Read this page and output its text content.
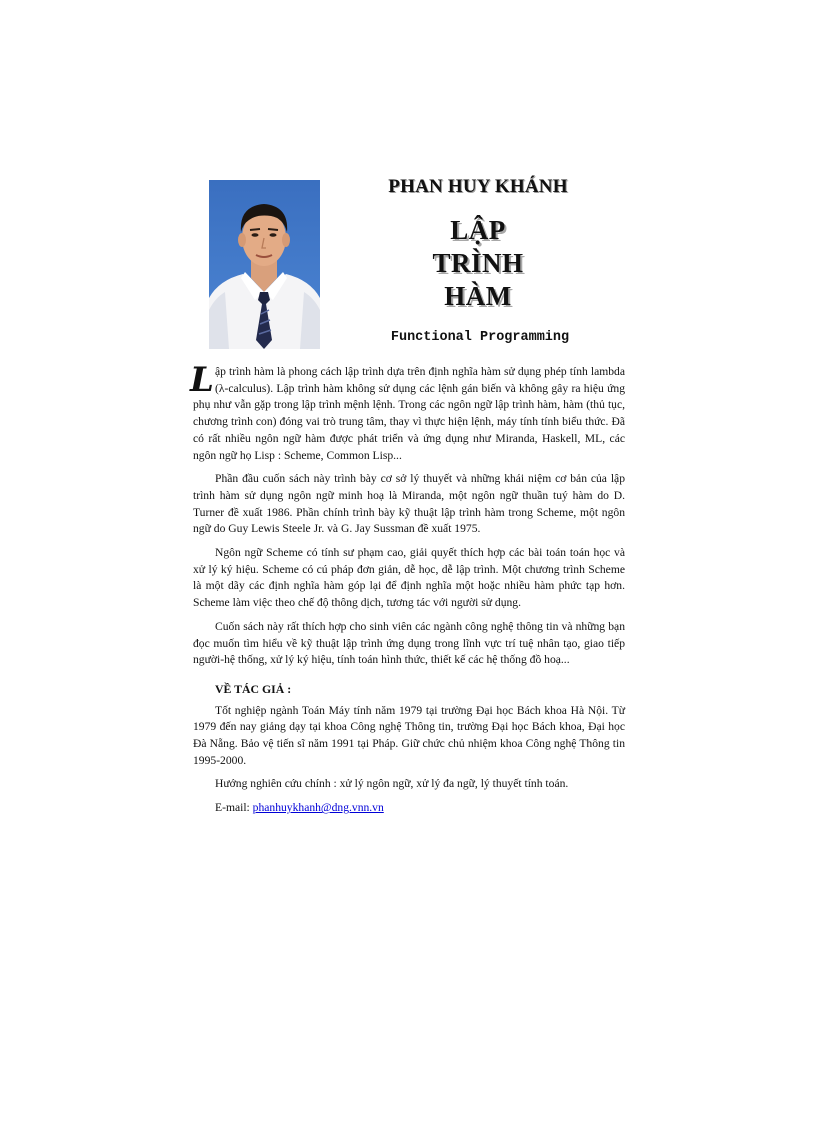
PHAN HUY KHÁNH
LẬP
TRÌNH
HÀM
Functional Programming

Lập trình hàm là phong cách lập trình dựa trên định nghĩa hàm sử dụng phép tính lambda (λ-calculus). Lập trình hàm không sử dụng các lệnh gán biến và không gây ra hiệu ứng phụ như vẫn gặp trong lập trình mệnh lệnh. Trong các ngôn ngữ lập trình hàm, hàm (thủ tục, chương trình con) đóng vai trò trung tâm, thay vì thực hiện lệnh, máy tính tính biểu thức. Đã có rất nhiều ngôn ngữ hàm được phát triển và ứng dụng như Miranda, Haskell, ML, các ngôn ngữ họ Lisp : Scheme, Common Lisp...

Phần đầu cuốn sách này trình bày cơ sở lý thuyết và những khái niệm cơ bản của lập trình hàm sử dụng ngôn ngữ minh hoạ là Miranda, một ngôn ngữ thuần tuý hàm do D. Turner đề xuất 1986. Phần chính trình bày kỹ thuật lập trình hàm trong Scheme, một ngôn ngữ do Guy Lewis Steele Jr. và G. Jay Sussman đề xuất 1975.

Ngôn ngữ Scheme có tính sư phạm cao, giải quyết thích hợp các bài toán toán học và xử lý ký hiệu. Scheme có cú pháp đơn giản, dễ học, dễ lập trình. Một chương trình Scheme là một dãy các định nghĩa hàm góp lại để định nghĩa một hoặc nhiều hàm phức tạp hơn. Scheme làm việc theo chế độ thông dịch, tương tác với người sử dụng.

Cuốn sách này rất thích hợp cho sinh viên các ngành công nghệ thông tin và những bạn đọc muốn tìm hiểu về kỹ thuật lập trình ứng dụng trong lĩnh vực trí tuệ nhân tạo, giao tiếp người-hệ thống, xử lý ký hiệu, tính toán hình thức, thiết kế các hệ thống đồ hoạ...

VỀ TÁC GIẢ :

Tốt nghiệp ngành Toán Máy tính năm 1979 tại trường Đại học Bách khoa Hà Nội. Từ 1979 đến nay giảng dạy tại khoa Công nghệ Thông tin, trường Đại học Bách khoa, Đại học Đà Nẵng. Bảo vệ tiến sĩ năm 1991 tại Pháp. Giữ chức chủ nhiệm khoa Công nghệ Thông tin 1995-2000.

Hướng nghiên cứu chính : xử lý ngôn ngữ, xử lý đa ngữ, lý thuyết tính toán.

E-mail: phanhuykhanh@dng.vnn.vn
